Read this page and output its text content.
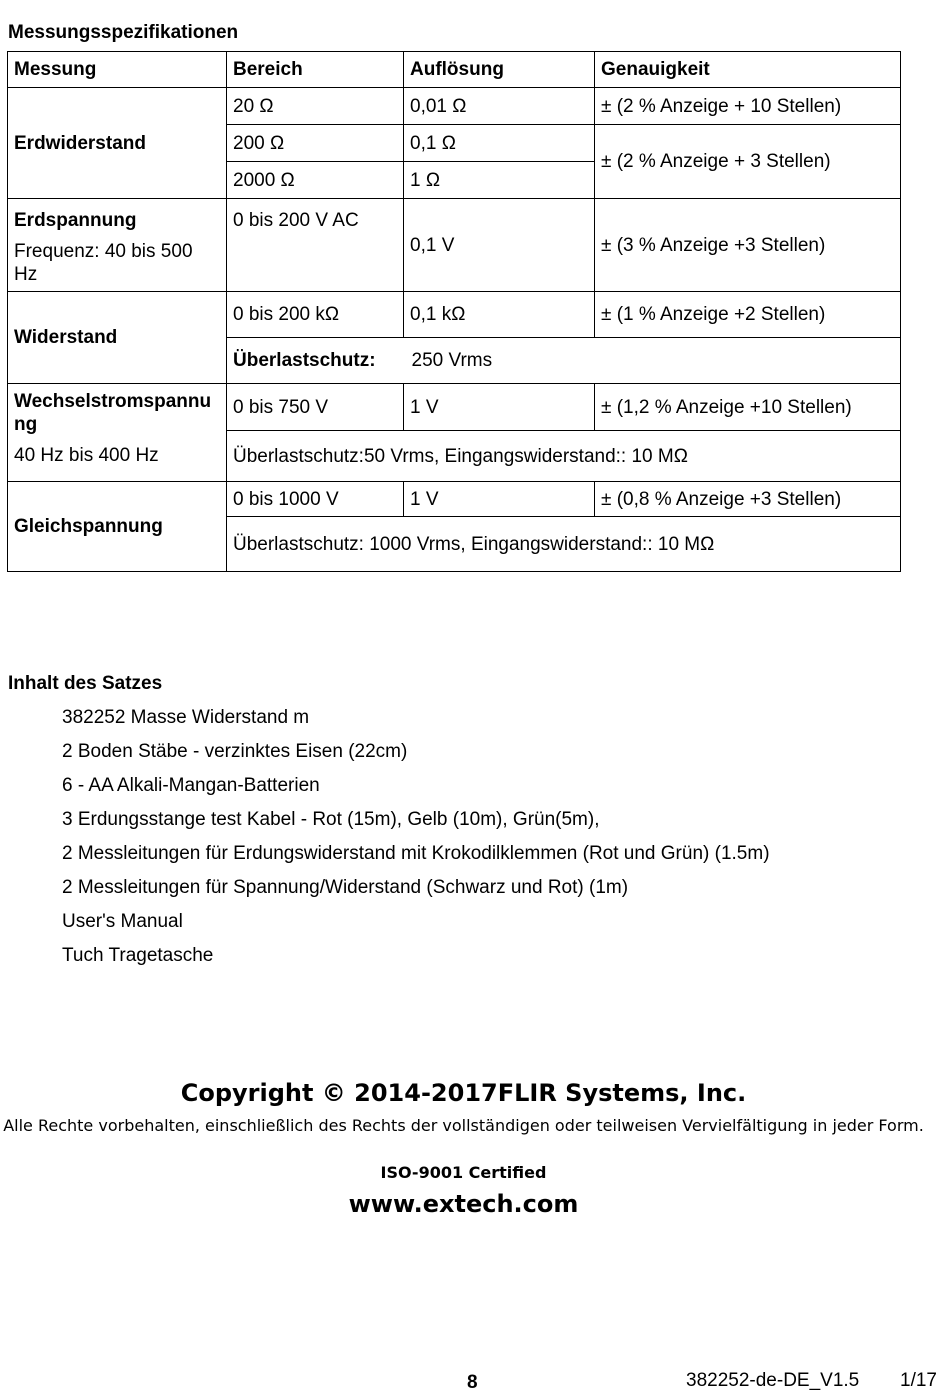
Messungsspezifikationen
Messung	Bereich	Auflösung	Genauigkeit
Erdwiderstand	20 Ω	0,01 Ω	± (2 % Anzeige + 10 Stellen)
	200 Ω	0,1 Ω	± (2 % Anzeige + 3 Stellen)
	2000 Ω	1 Ω	

Erdspannung
Frequenz: 40 bis 500 Hz	0 bis 200 V AC	0,1 V	± (3 % Anzeige +3 Stellen)
Widerstand	0 bis 200 kΩ	0,1 kΩ	± (1 % Anzeige +2 Stellen)
	Überlastschutz: 250 Vrms		

Wechselstromspannung
40 Hz bis 400 Hz	0 bis 750 V	1 V	± (1,2 % Anzeige +10 Stellen)
	Überlastschutz:50 Vrms, Eingangswiderstand:: 10 MΩ		
Gleichspannung	0 bis 1000 V	1 V	± (0,8 % Anzeige +3 Stellen)
	Überlastschutz: 1000 Vrms, Eingangswiderstand:: 10 MΩ		
Inhalt des Satzes
382252 Masse Widerstand m
2 Boden Stäbe - verzinktes Eisen (22cm)
6 - AA Alkali-Mangan-Batterien
3 Erdungsstange test Kabel - Rot (15m), Gelb (10m), Grün(5m),
2 Messleitungen für Erdungswiderstand mit Krokodilklemmen (Rot und Grün) (1.5m)
2 Messleitungen für Spannung/Widerstand (Schwarz und Rot) (1m)
User's Manual
Tuch Tragetasche
Copyright © 2014-2017FLIR Systems, Inc.
Alle Rechte vorbehalten, einschließlich des Rechts der vollständigen oder teilweisen Vervielfältigung in jeder Form.
ISO-9001 Certified
www.extech.com
8	382252-de-DE_V1.5 1/17
